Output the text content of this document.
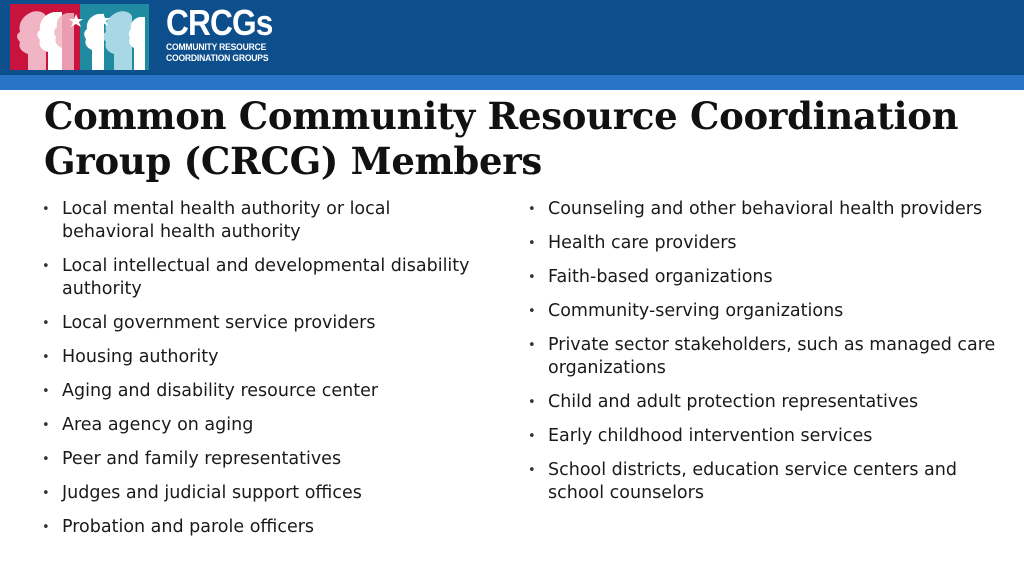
CRCGs
COMMUNITY RESOURCE
COORDINATION GROUPS
Common Community Resource Coordination Group (CRCG) Members
• Local mental health authority or local behavioral health authority
• Local intellectual and developmental disability authority
• Local government service providers
• Housing authority
• Aging and disability resource center
• Area agency on aging
• Peer and family representatives
• Judges and judicial support offices
• Probation and parole officers
• Counseling and other behavioral health providers
• Health care providers
• Faith-based organizations
• Community-serving organizations
• Private sector stakeholders, such as managed care organizations
• Child and adult protection representatives
• Early childhood intervention services
• School districts, education service centers and school counselors
